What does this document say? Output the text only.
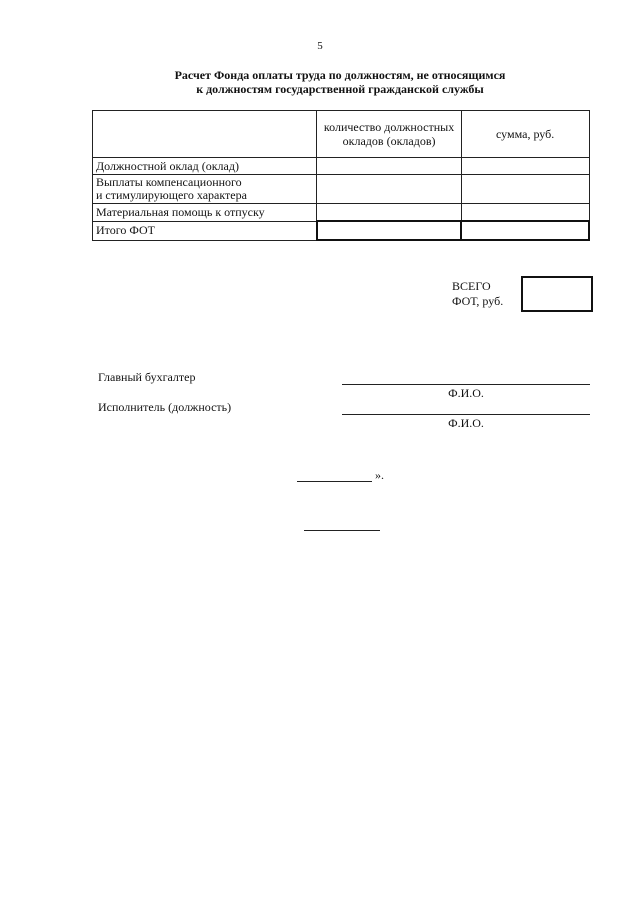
5
Расчет Фонда оплаты труда по должностям, не относящимся
к должностям государственной гражданской службы
	количество должностных окладов (окладов)	сумма, руб.
Должностной оклад (оклад)		

Выплаты компенсационного
и стимулирующего характера		

Материальная помощь к отпуску		
Итого ФОТ		
ВСЕГО
ФОТ, руб.
Главный бухгалтер
Ф.И.О.
Исполнитель (должность)
Ф.И.О.
».
